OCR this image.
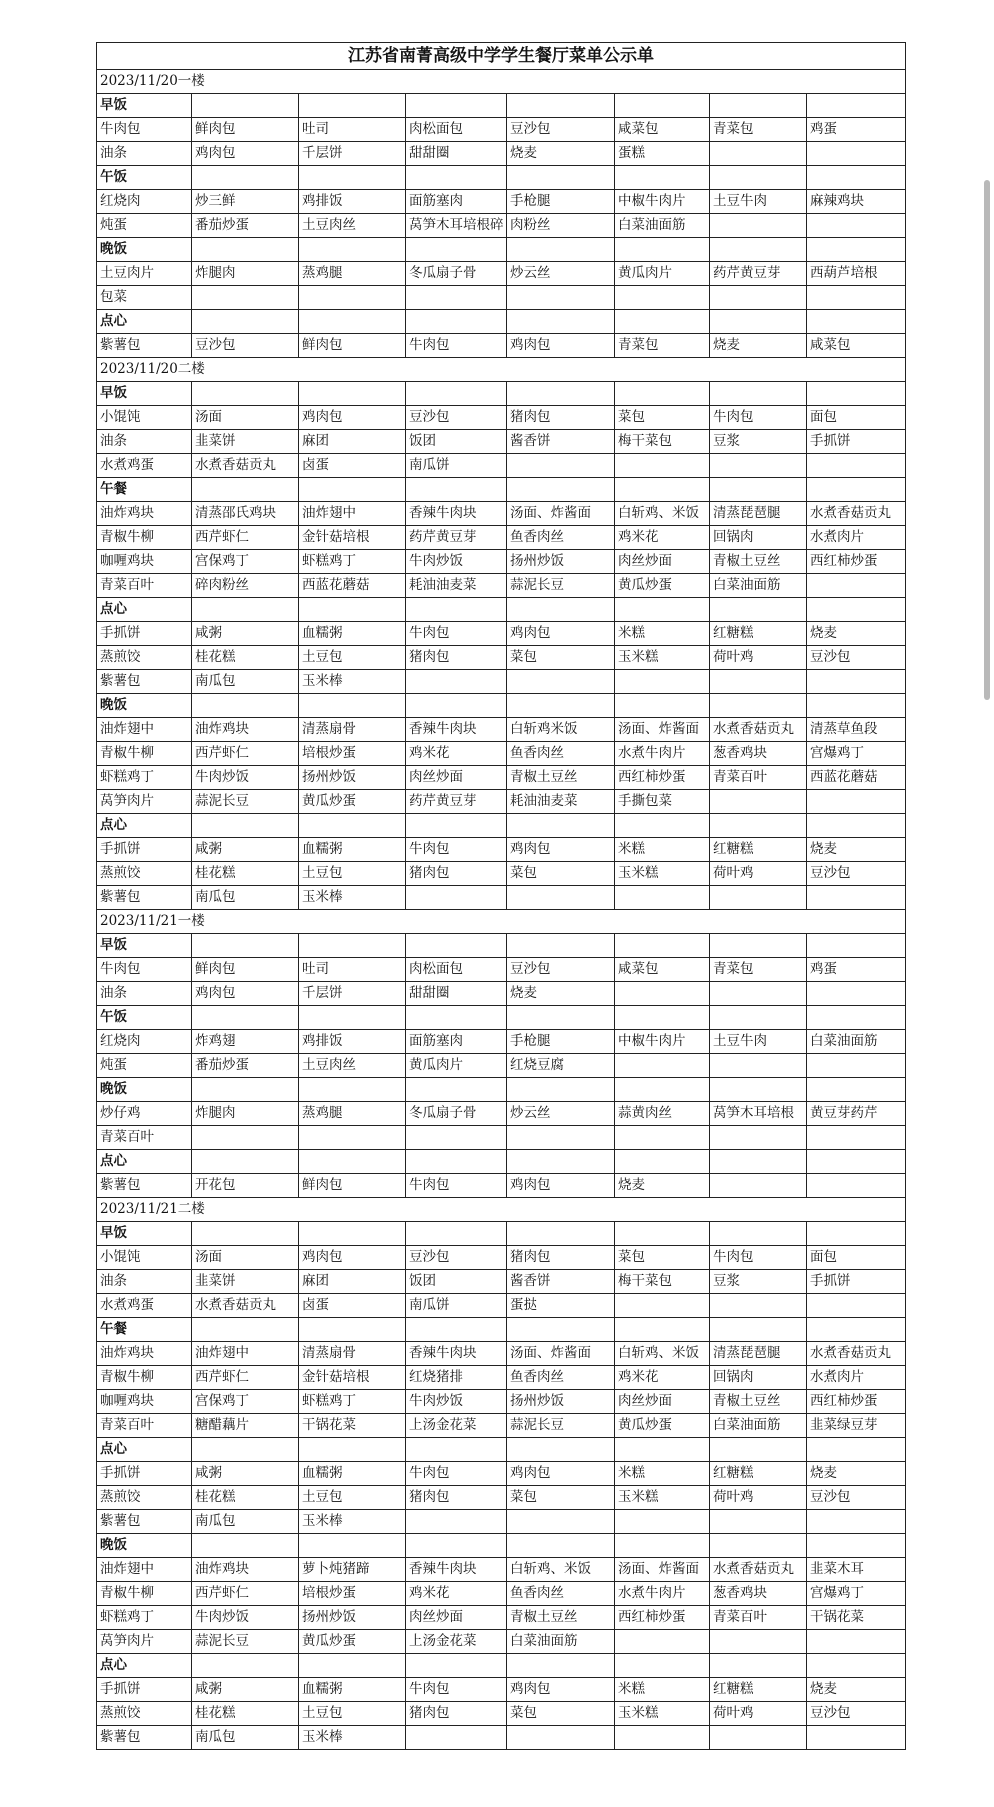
江苏省南菁高级中学学生餐厅菜单公示单							
2023/11/20一楼							
早饭							
牛肉包	鲜肉包	吐司	肉松面包	豆沙包	咸菜包	青菜包	鸡蛋
油条	鸡肉包	千层饼	甜甜圈	烧麦	蛋糕		
午饭							
红烧肉	炒三鲜	鸡排饭	面筋塞肉	手枪腿	中椒牛肉片	土豆牛肉	麻辣鸡块
炖蛋	番茄炒蛋	土豆肉丝	莴笋木耳培根碎	肉粉丝	白菜油面筋		
晚饭							
土豆肉片	炸腿肉	蒸鸡腿	冬瓜扇子骨	炒云丝	黄瓜肉片	药芹黄豆芽	西葫芦培根
包菜							
点心							
紫薯包	豆沙包	鲜肉包	牛肉包	鸡肉包	青菜包	烧麦	咸菜包
2023/11/20二楼							
早饭							
小馄饨	汤面	鸡肉包	豆沙包	猪肉包	菜包	牛肉包	面包
油条	韭菜饼	麻团	饭团	酱香饼	梅干菜包	豆浆	手抓饼
水煮鸡蛋	水煮香菇贡丸	卤蛋	南瓜饼				
午餐							
油炸鸡块	清蒸邵氏鸡块	油炸翅中	香辣牛肉块	汤面、炸酱面	白斩鸡、米饭	清蒸琵琶腿	水煮香菇贡丸
青椒牛柳	西芹虾仁	金针菇培根	药芹黄豆芽	鱼香肉丝	鸡米花	回锅肉	水煮肉片
咖喱鸡块	宫保鸡丁	虾糕鸡丁	牛肉炒饭	扬州炒饭	肉丝炒面	青椒土豆丝	西红柿炒蛋
青菜百叶	碎肉粉丝	西蓝花蘑菇	耗油油麦菜	蒜泥长豆	黄瓜炒蛋	白菜油面筋	
点心							
手抓饼	咸粥	血糯粥	牛肉包	鸡肉包	米糕	红糖糕	烧麦
蒸煎饺	桂花糕	土豆包	猪肉包	菜包	玉米糕	荷叶鸡	豆沙包
紫薯包	南瓜包	玉米棒					
晚饭							
油炸翅中	油炸鸡块	清蒸扇骨	香辣牛肉块	白斩鸡米饭	汤面、炸酱面	水煮香菇贡丸	清蒸草鱼段
青椒牛柳	西芹虾仁	培根炒蛋	鸡米花	鱼香肉丝	水煮牛肉片	葱香鸡块	宫爆鸡丁
虾糕鸡丁	牛肉炒饭	扬州炒饭	肉丝炒面	青椒土豆丝	西红柿炒蛋	青菜百叶	西蓝花蘑菇
莴笋肉片	蒜泥长豆	黄瓜炒蛋	药芹黄豆芽	耗油油麦菜	手撕包菜		
点心							
手抓饼	咸粥	血糯粥	牛肉包	鸡肉包	米糕	红糖糕	烧麦
蒸煎饺	桂花糕	土豆包	猪肉包	菜包	玉米糕	荷叶鸡	豆沙包
紫薯包	南瓜包	玉米棒					
2023/11/21一楼							
早饭							
牛肉包	鲜肉包	吐司	肉松面包	豆沙包	咸菜包	青菜包	鸡蛋
油条	鸡肉包	千层饼	甜甜圈	烧麦			
午饭							
红烧肉	炸鸡翅	鸡排饭	面筋塞肉	手枪腿	中椒牛肉片	土豆牛肉	白菜油面筋
炖蛋	番茄炒蛋	土豆肉丝	黄瓜肉片	红烧豆腐			
晚饭							
炒仔鸡	炸腿肉	蒸鸡腿	冬瓜扇子骨	炒云丝	蒜黄肉丝	莴笋木耳培根	黄豆芽药芹
青菜百叶							
点心							
紫薯包	开花包	鲜肉包	牛肉包	鸡肉包	烧麦		
2023/11/21二楼							
早饭							
小馄饨	汤面	鸡肉包	豆沙包	猪肉包	菜包	牛肉包	面包
油条	韭菜饼	麻团	饭团	酱香饼	梅干菜包	豆浆	手抓饼
水煮鸡蛋	水煮香菇贡丸	卤蛋	南瓜饼	蛋挞			
午餐							
油炸鸡块	油炸翅中	清蒸扇骨	香辣牛肉块	汤面、炸酱面	白斩鸡、米饭	清蒸琵琶腿	水煮香菇贡丸
青椒牛柳	西芹虾仁	金针菇培根	红烧猪排	鱼香肉丝	鸡米花	回锅肉	水煮肉片
咖喱鸡块	宫保鸡丁	虾糕鸡丁	牛肉炒饭	扬州炒饭	肉丝炒面	青椒土豆丝	西红柿炒蛋
青菜百叶	糖醋藕片	干锅花菜	上汤金花菜	蒜泥长豆	黄瓜炒蛋	白菜油面筋	韭菜绿豆芽
点心							
手抓饼	咸粥	血糯粥	牛肉包	鸡肉包	米糕	红糖糕	烧麦
蒸煎饺	桂花糕	土豆包	猪肉包	菜包	玉米糕	荷叶鸡	豆沙包
紫薯包	南瓜包	玉米棒					
晚饭							
油炸翅中	油炸鸡块	萝卜炖猪蹄	香辣牛肉块	白斩鸡、米饭	汤面、炸酱面	水煮香菇贡丸	韭菜木耳
青椒牛柳	西芹虾仁	培根炒蛋	鸡米花	鱼香肉丝	水煮牛肉片	葱香鸡块	宫爆鸡丁
虾糕鸡丁	牛肉炒饭	扬州炒饭	肉丝炒面	青椒土豆丝	西红柿炒蛋	青菜百叶	干锅花菜
莴笋肉片	蒜泥长豆	黄瓜炒蛋	上汤金花菜	白菜油面筋			
点心							
手抓饼	咸粥	血糯粥	牛肉包	鸡肉包	米糕	红糖糕	烧麦
蒸煎饺	桂花糕	土豆包	猪肉包	菜包	玉米糕	荷叶鸡	豆沙包
紫薯包	南瓜包	玉米棒					
